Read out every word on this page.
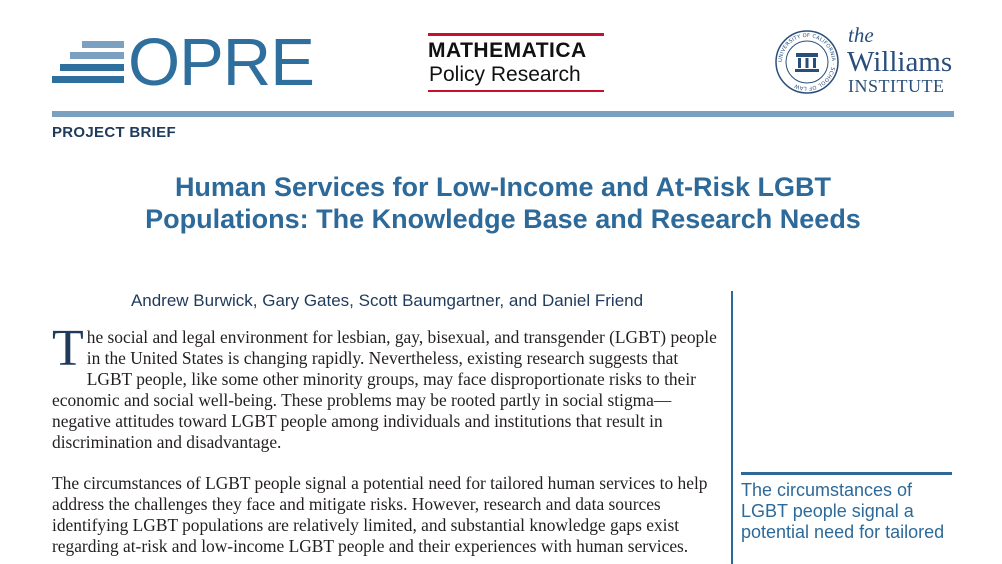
OPRE	MATHEMATICA
Policy Research
UNIVERSITY OF CALIFORNIA · SCHOOL OF LAW
the
Williams
INSTITUTE
PROJECT BRIEF
Human Services for Low-Income and At-Risk LGBT
Populations: The Knowledge Base and Research Needs
Andrew Burwick, Gary Gates, Scott Baumgartner, and Daniel Friend

The social and legal environment for lesbian, gay, bisexual, and transgender (LGBT) people in the United States is changing rapidly. Nevertheless, existing research suggests that LGBT people, like some other minority groups, may face disproportionate risks to their economic and social well-being. These problems may be rooted partly in social stigma—negative attitudes toward LGBT people among individuals and institutions that result in discrimination and disadvantage.

The circumstances of LGBT people signal a potential need for tailored human services to help address the challenges they face and mitigate risks. However, research and data sources identifying LGBT populations are relatively limited, and substantial knowledge gaps exist regarding at-risk and low-income LGBT people and their experiences with human services.

The circumstances of LGBT people signal a potential need for tailored
